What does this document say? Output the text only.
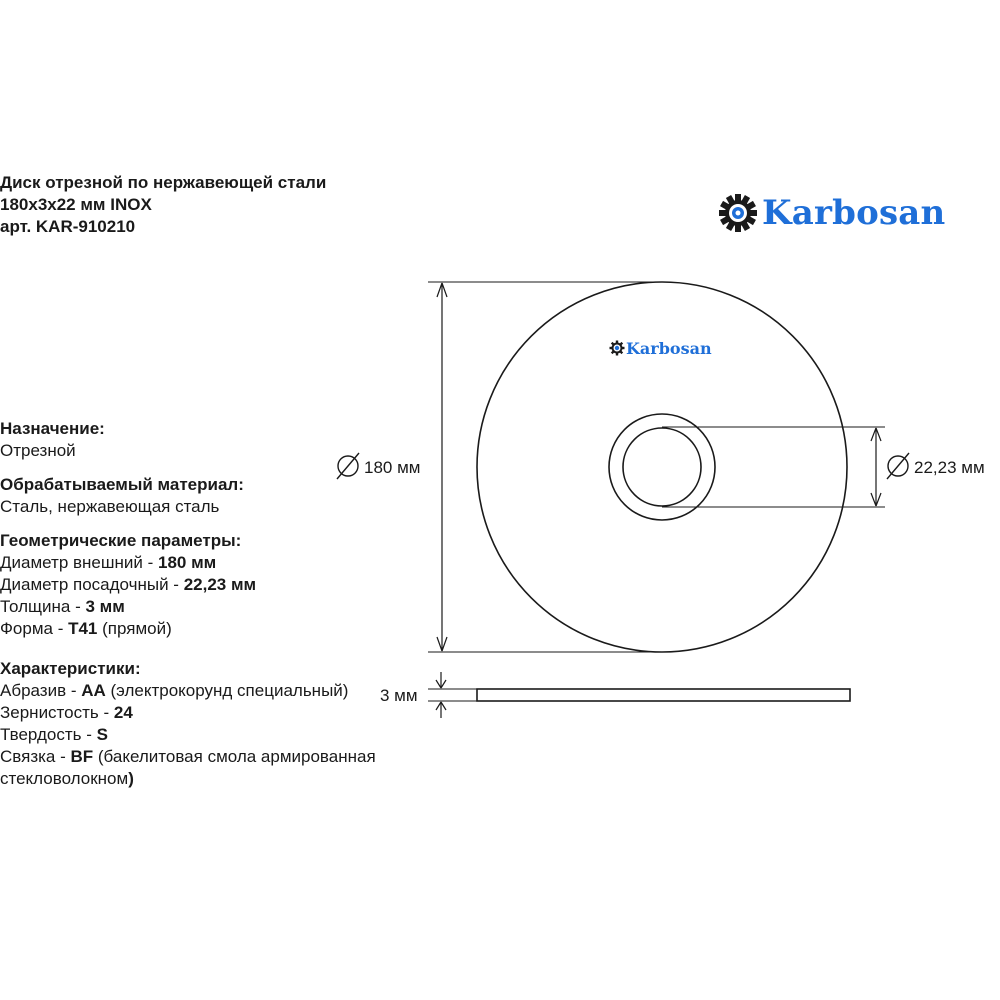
Диск отрезной по нержавеющей стали
180x3x22 мм INOX
арт. KAR-910210	Karbosan
Karbosan
180 мм	22,23 мм
3 мм
Назначение:
Отрезной
Обрабатываемый материал:
Сталь, нержавеющая сталь
Геометрические параметры:
Диаметр внешний - 180 мм
Диаметр посадочный - 22,23 мм
Толщина - 3 мм
Форма - T41 (прямой)
Характеристики:
Абразив - AA (электрокорунд специальный)
Зернистость - 24
Твердость - S
Связка - BF (бакелитовая смола армированная
стекловолокном)
